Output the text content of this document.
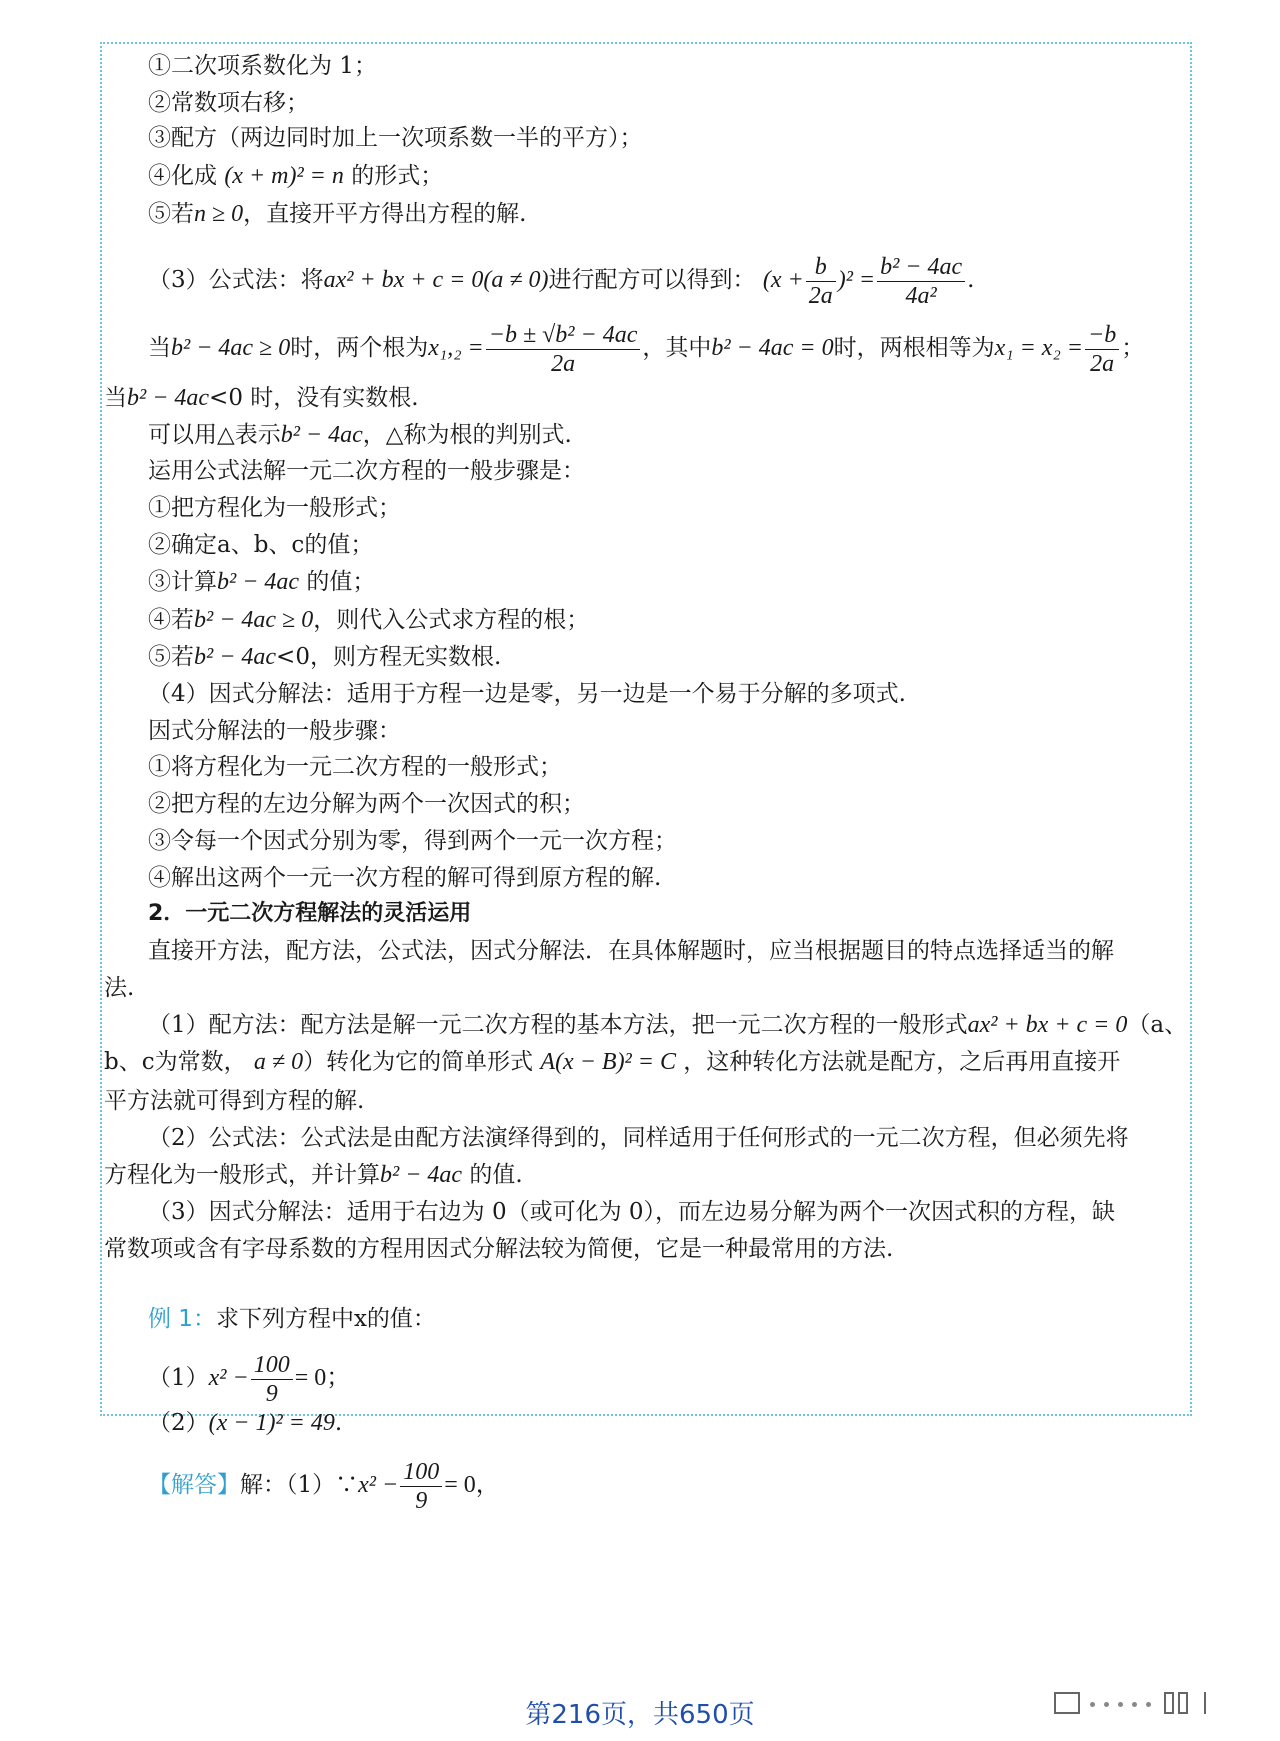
①二次项系数化为 1；
②常数项右移；
③配方（两边同时加上一次项系数一半的平方）；
④化成 (x + m)² = n 的形式；
⑤若n ≥ 0，直接开平方得出方程的解.
（3）公式法：将ax² + bx + c = 0(a ≠ 0)进行配方可以得到： $(x + \frac{b}{2a} )^2 = \frac{\text{b² − 4ac}}{\text{4a²}}$ .
当b² − 4ac ≥ 0时，两个根为$x_1,_2 = \frac{\text{−b ± √b² − 4ac}}{2a}$ ，其中b² − 4ac = 0时，两根相等为$x_1 = x_2 = \frac{-b}{2a}$ ；
当b² − 4ac<0 时，没有实数根.
可以用△表示b² − 4ac，△称为根的判别式.
运用公式法解一元二次方程的一般步骤是：
①把方程化为一般形式；
②确定a、b、c的值；
③计算b² − 4ac 的值；
④若b² − 4ac ≥ 0，则代入公式求方程的根；
⑤若b² − 4ac<0，则方程无实数根.
（4）因式分解法：适用于方程一边是零，另一边是一个易于分解的多项式.
因式分解法的一般步骤：
①将方程化为一元二次方程的一般形式；
②把方程的左边分解为两个一次因式的积；
③令每一个因式分别为零，得到两个一元一次方程；
④解出这两个一元一次方程的解可得到原方程的解.
2．一元二次方程解法的灵活运用
直接开方法，配方法，公式法，因式分解法．在具体解题时，应当根据题目的特点选择适当的解
法.
（1）配方法：配方法是解一元二次方程的基本方法，把一元二次方程的一般形式ax² + bx + c = 0（a、
b、c为常数， a ≠ 0）转化为它的简单形式 A(x − B)² = C ，这种转化方法就是配方，之后再用直接开
平方法就可得到方程的解.
（2）公式法：公式法是由配方法演绎得到的，同样适用于任何形式的一元二次方程，但必须先将
方程化为一般形式，并计算b² − 4ac 的值.
（3）因式分解法：适用于右边为 0（或可化为 0），而左边易分解为两个一次因式积的方程，缺
常数项或含有字母系数的方程用因式分解法较为简便，它是一种最常用的方法.
例 1：求下列方程中x的值：
$(1)x^2 - \frac{100}{9} = 0$；
（2）(x − 1)² = 49.
【解答】解：（1）∵x² − $\frac{100}{9} = 0$，
第216页，共650页
